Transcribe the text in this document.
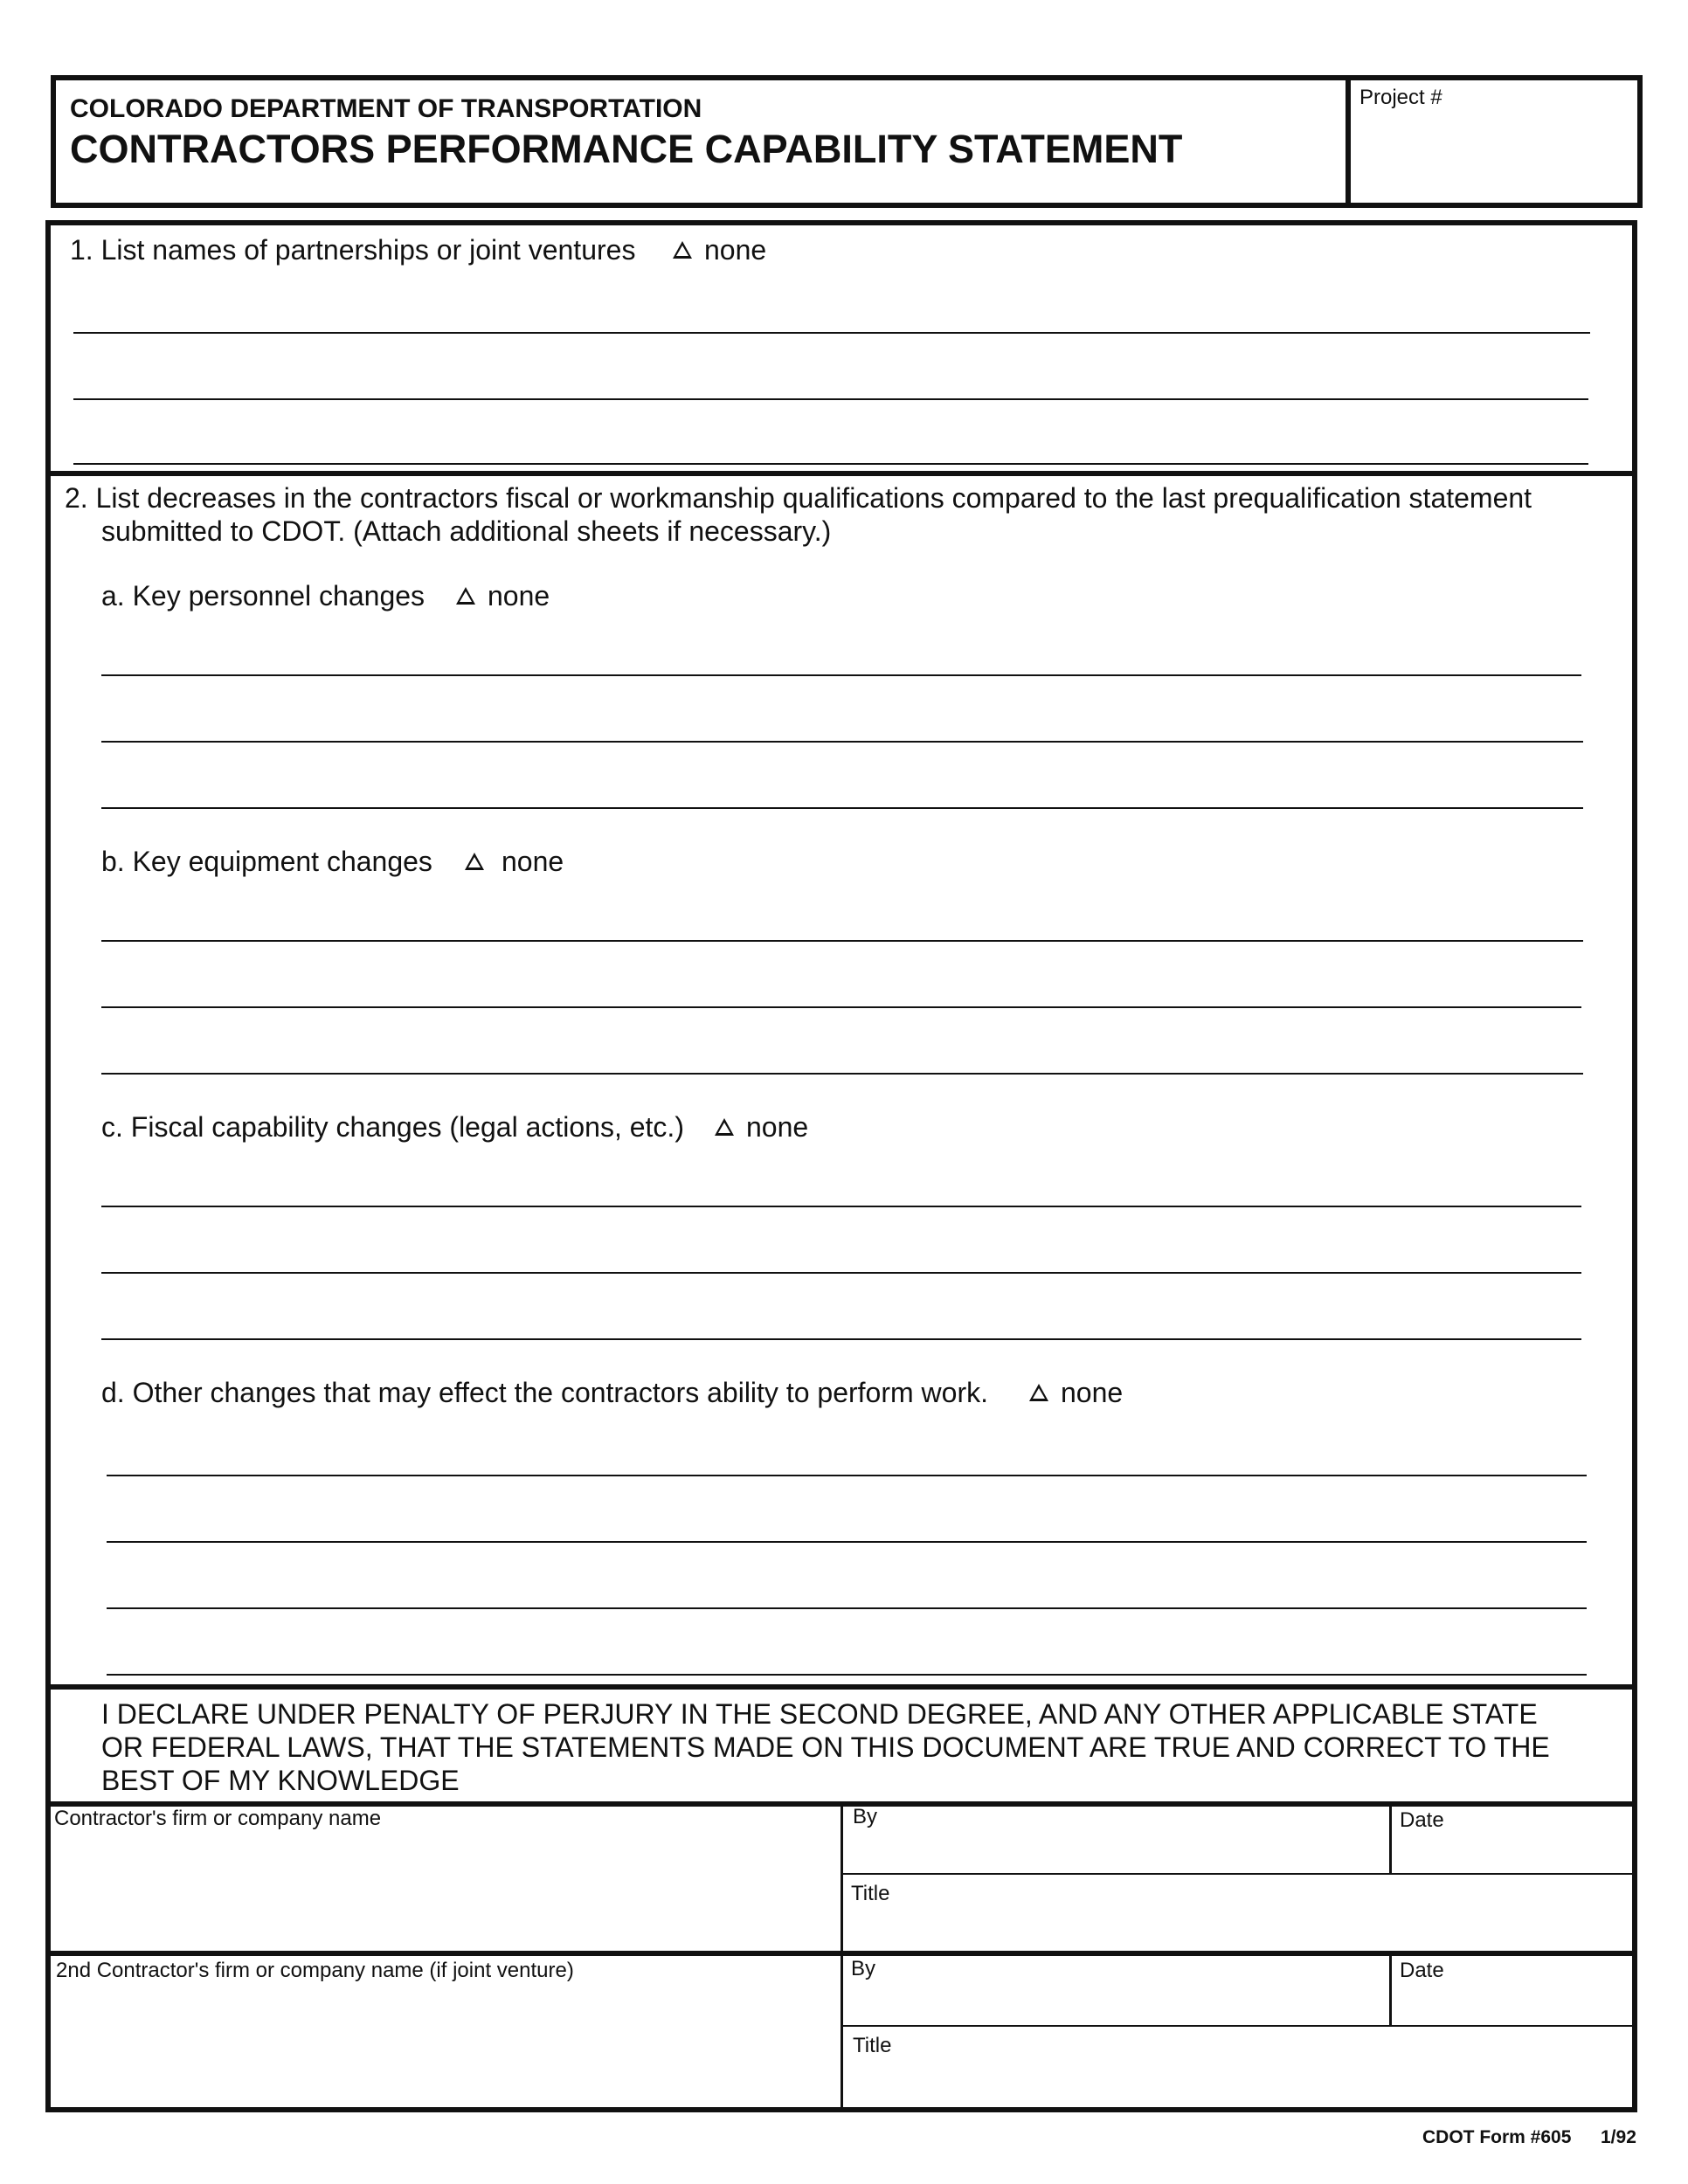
COLORADO DEPARTMENT OF TRANSPORTATION
CONTRACTORS PERFORMANCE CAPABILITY STATEMENT
Project #
1. List names of partnerships or joint ventures none
2. List decreases in the contractors fiscal or workmanship qualifications compared to the last prequalification statement
submitted to CDOT. (Attach additional sheets if necessary.)
a. Key personnel changes none
b. Key equipment changes none
c. Fiscal capability changes (legal actions, etc.) none
d. Other changes that may effect the contractors ability to perform work.	none
I DECLARE UNDER PENALTY OF PERJURY IN THE SECOND DEGREE, AND ANY OTHER APPLICABLE STATE
OR FEDERAL LAWS, THAT THE STATEMENTS MADE ON THIS DOCUMENT ARE TRUE AND CORRECT TO THE
BEST OF MY KNOWLEDGE
Contractor's firm or company name	By	Date
Title
2nd Contractor's firm or company name (if joint venture)	By	Date
Title
CDOT Form #605 1/92
